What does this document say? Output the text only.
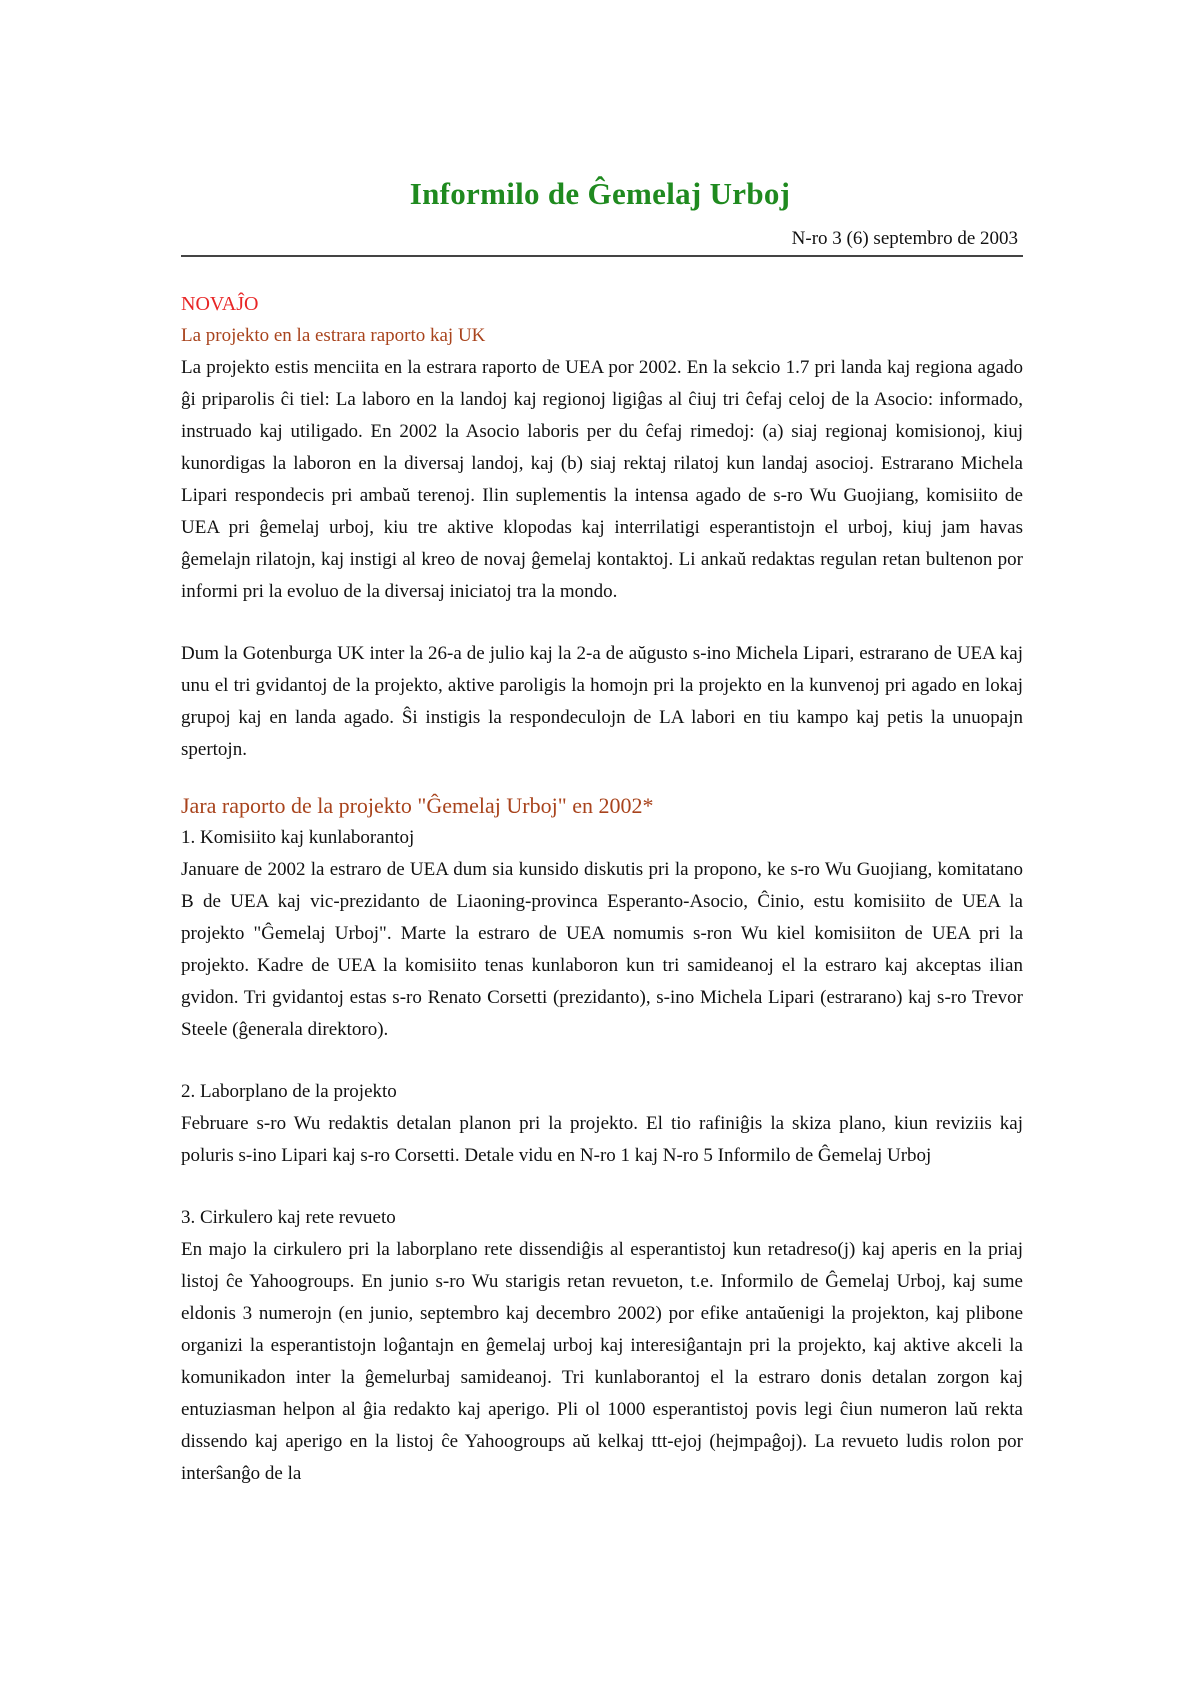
Informilo de Ĝemelaj Urboj
N-ro 3 (6) septembro de 2003

NOVAĴO

La projekto en la estrara raporto kaj UK

La projekto estis menciita en la estrara raporto de UEA por 2002. En la sekcio 1.7 pri landa kaj regiona agado ĝi priparolis ĉi tiel: La laboro en la landoj kaj regionoj ligiĝas al ĉiuj tri ĉefaj celoj de la Asocio: informado, instruado kaj utiligado. En 2002 la Asocio laboris per du ĉefaj rimedoj: (a) siaj regionaj komisionoj, kiuj kunordigas la laboron en la diversaj landoj, kaj (b) siaj rektaj rilatoj kun landaj asocioj. Estrarano Michela Lipari respondecis pri ambaŭ terenoj. Ilin suplementis la intensa agado de s-ro Wu Guojiang, komisiito de UEA pri ĝemelaj urboj, kiu tre aktive klopodas kaj interrilatigi esperantistojn el urboj, kiuj jam havas ĝemelajn rilatojn, kaj instigi al kreo de novaj ĝemelaj kontaktoj. Li ankaŭ redaktas regulan retan bultenon por informi pri la evoluo de la diversaj iniciatoj tra la mondo.

Dum la Gotenburga UK inter la 26-a de julio kaj la 2-a de aŭgusto s-ino Michela Lipari, estrarano de UEA kaj unu el tri gvidantoj de la projekto, aktive paroligis la homojn pri la projekto en la kunvenoj pri agado en lokaj grupoj kaj en landa agado. Ŝi instigis la respondeculojn de LA labori en tiu kampo kaj petis la unuopajn spertojn.

Jara raporto de la projekto "Ĝemelaj Urboj" en 2002*

1. Komisiito kaj kunlaborantoj

Januare de 2002 la estraro de UEA dum sia kunsido diskutis pri la propono, ke s-ro Wu Guojiang, komitatano B de UEA kaj vic-prezidanto de Liaoning-provinca Esperanto-Asocio, Ĉinio, estu komisiito de UEA la projekto "Ĝemelaj Urboj". Marte la estraro de UEA nomumis s-ron Wu kiel komisiiton de UEA pri la projekto. Kadre de UEA la komisiito tenas kunlaboron kun tri samideanoj el la estraro kaj akceptas ilian gvidon. Tri gvidantoj estas s-ro Renato Corsetti (prezidanto), s-ino Michela Lipari (estrarano) kaj s-ro Trevor Steele (ĝenerala direktoro).

2. Laborplano de la projekto

Februare s-ro Wu redaktis detalan planon pri la projekto. El tio rafiniĝis la skiza plano, kiun reviziis kaj poluris s-ino Lipari kaj s-ro Corsetti. Detale vidu en N-ro 1 kaj N-ro 5 Informilo de Ĝemelaj Urboj

3. Cirkulero kaj rete revueto

En majo la cirkulero pri la laborplano rete dissendiĝis al esperantistoj kun retadreso(j) kaj aperis en la priaj listoj ĉe Yahoogroups. En junio s-ro Wu starigis retan revueton, t.e. Informilo de Ĝemelaj Urboj, kaj sume eldonis 3 numerojn (en junio, septembro kaj decembro 2002) por efike antaŭenigi la projekton, kaj plibone organizi la esperantistojn loĝantajn en ĝemelaj urboj kaj interesiĝantajn pri la projekto, kaj aktive akceli la komunikadon inter la ĝemelurbaj samideanoj. Tri kunlaborantoj el la estraro donis detalan zorgon kaj entuziasman helpon al ĝia redakto kaj aperigo. Pli ol 1000 esperantistoj povis legi ĉiun numeron laŭ rekta dissendo kaj aperigo en la listoj ĉe Yahoogroups aŭ kelkaj ttt-ejoj (hejmpaĝoj). La revueto ludis rolon por interŝanĝo de la
